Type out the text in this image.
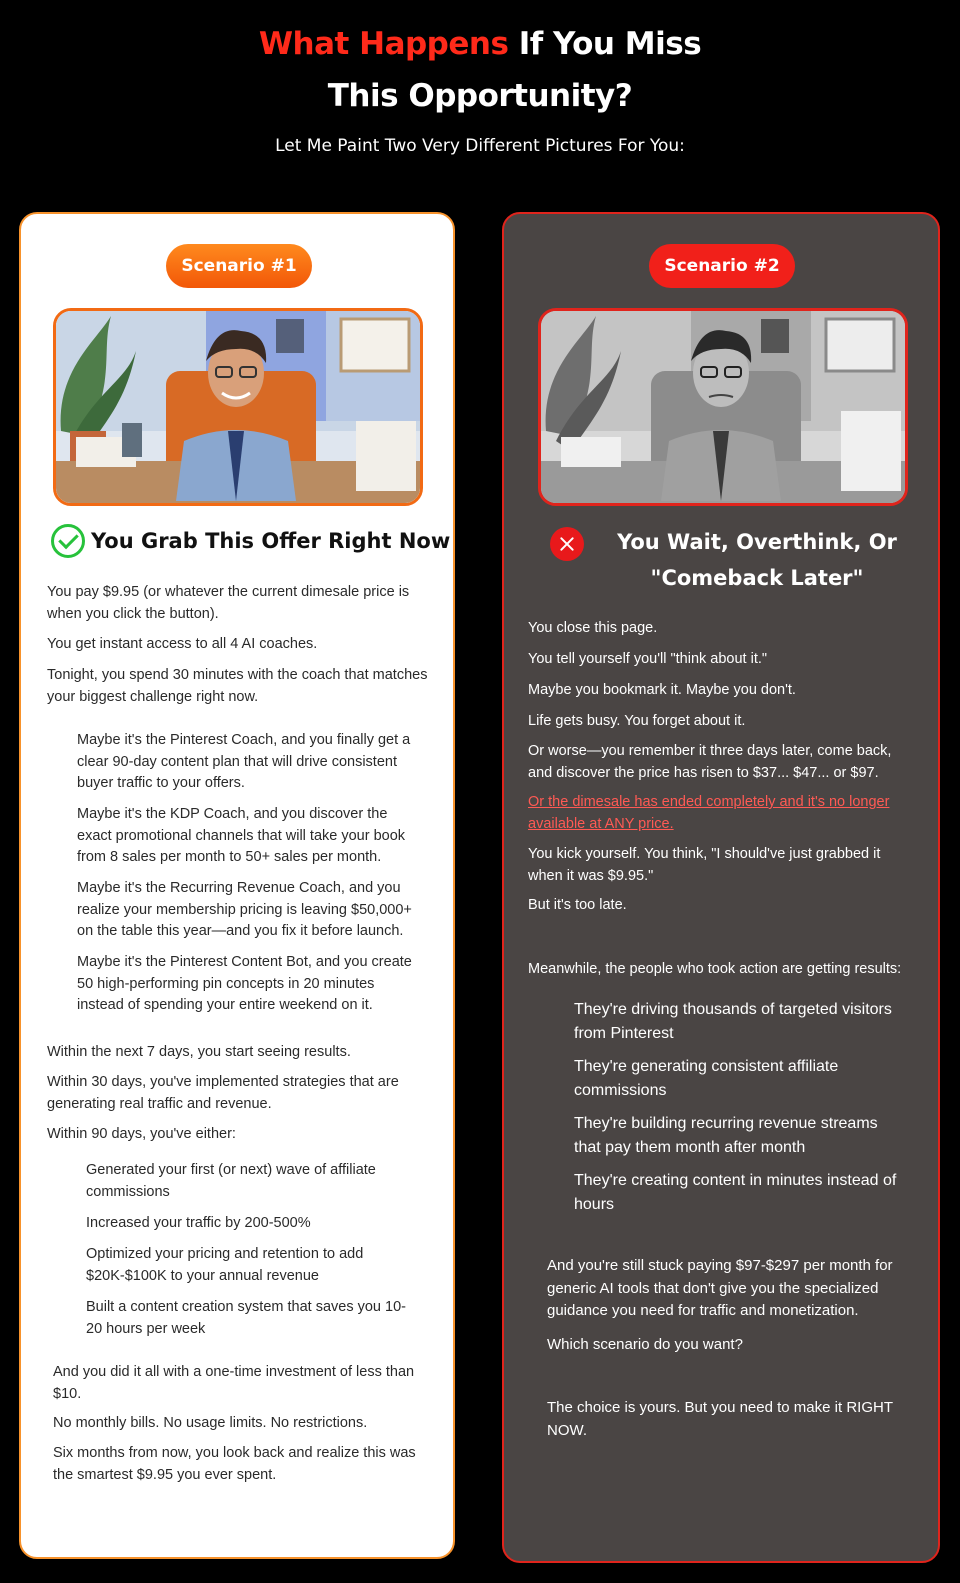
What Happens If You Miss
This Opportunity?
Let Me Paint Two Very Different Pictures For You:
Scenario #1
You Grab This Offer Right Now
You pay $9.95 (or whatever the current dimesale price is when you click the button).
You get instant access to all 4 AI coaches.
Tonight, you spend 30 minutes with the coach that matches your biggest challenge right now.
Maybe it's the Pinterest Coach, and you finally get a clear 90-day content plan that will drive consistent buyer traffic to your offers.
Maybe it's the KDP Coach, and you discover the exact promotional channels that will take your book from 8 sales per month to 50+ sales per month.
Maybe it's the Recurring Revenue Coach, and you realize your membership pricing is leaving $50,000+ on the table this year—and you fix it before launch.
Maybe it's the Pinterest Content Bot, and you create 50 high-performing pin concepts in 20 minutes instead of spending your entire weekend on it.
Within the next 7 days, you start seeing results.
Within 30 days, you've implemented strategies that are generating real traffic and revenue.
Within 90 days, you've either:
Generated your first (or next) wave of affiliate commissions
Increased your traffic by 200-500%
Optimized your pricing and retention to add $20K-$100K to your annual revenue
Built a content creation system that saves you 10-20 hours per week
And you did it all with a one-time investment of less than $10.
No monthly bills. No usage limits. No restrictions.
Six months from now, you look back and realize this was the smartest $9.95 you ever spent.
Scenario #2
You Wait, Overthink, Or "Comeback Later"
You close this page.
You tell yourself you'll "think about it."
Maybe you bookmark it. Maybe you don't.
Life gets busy. You forget about it.
Or worse—you remember it three days later, come back, and discover the price has risen to $37... $47... or $97.
Or the dimesale has ended completely and it's no longer available at ANY price.
You kick yourself. You think, "I should've just grabbed it when it was $9.95."
But it's too late.
Meanwhile, the people who took action are getting results:
They're driving thousands of targeted visitors from Pinterest
They're generating consistent affiliate commissions
They're building recurring revenue streams that pay them month after month
They're creating content in minutes instead of hours
And you're still stuck paying $97-$297 per month for generic AI tools that don't give you the specialized guidance you need for traffic and monetization.
Which scenario do you want?
The choice is yours. But you need to make it RIGHT NOW.
